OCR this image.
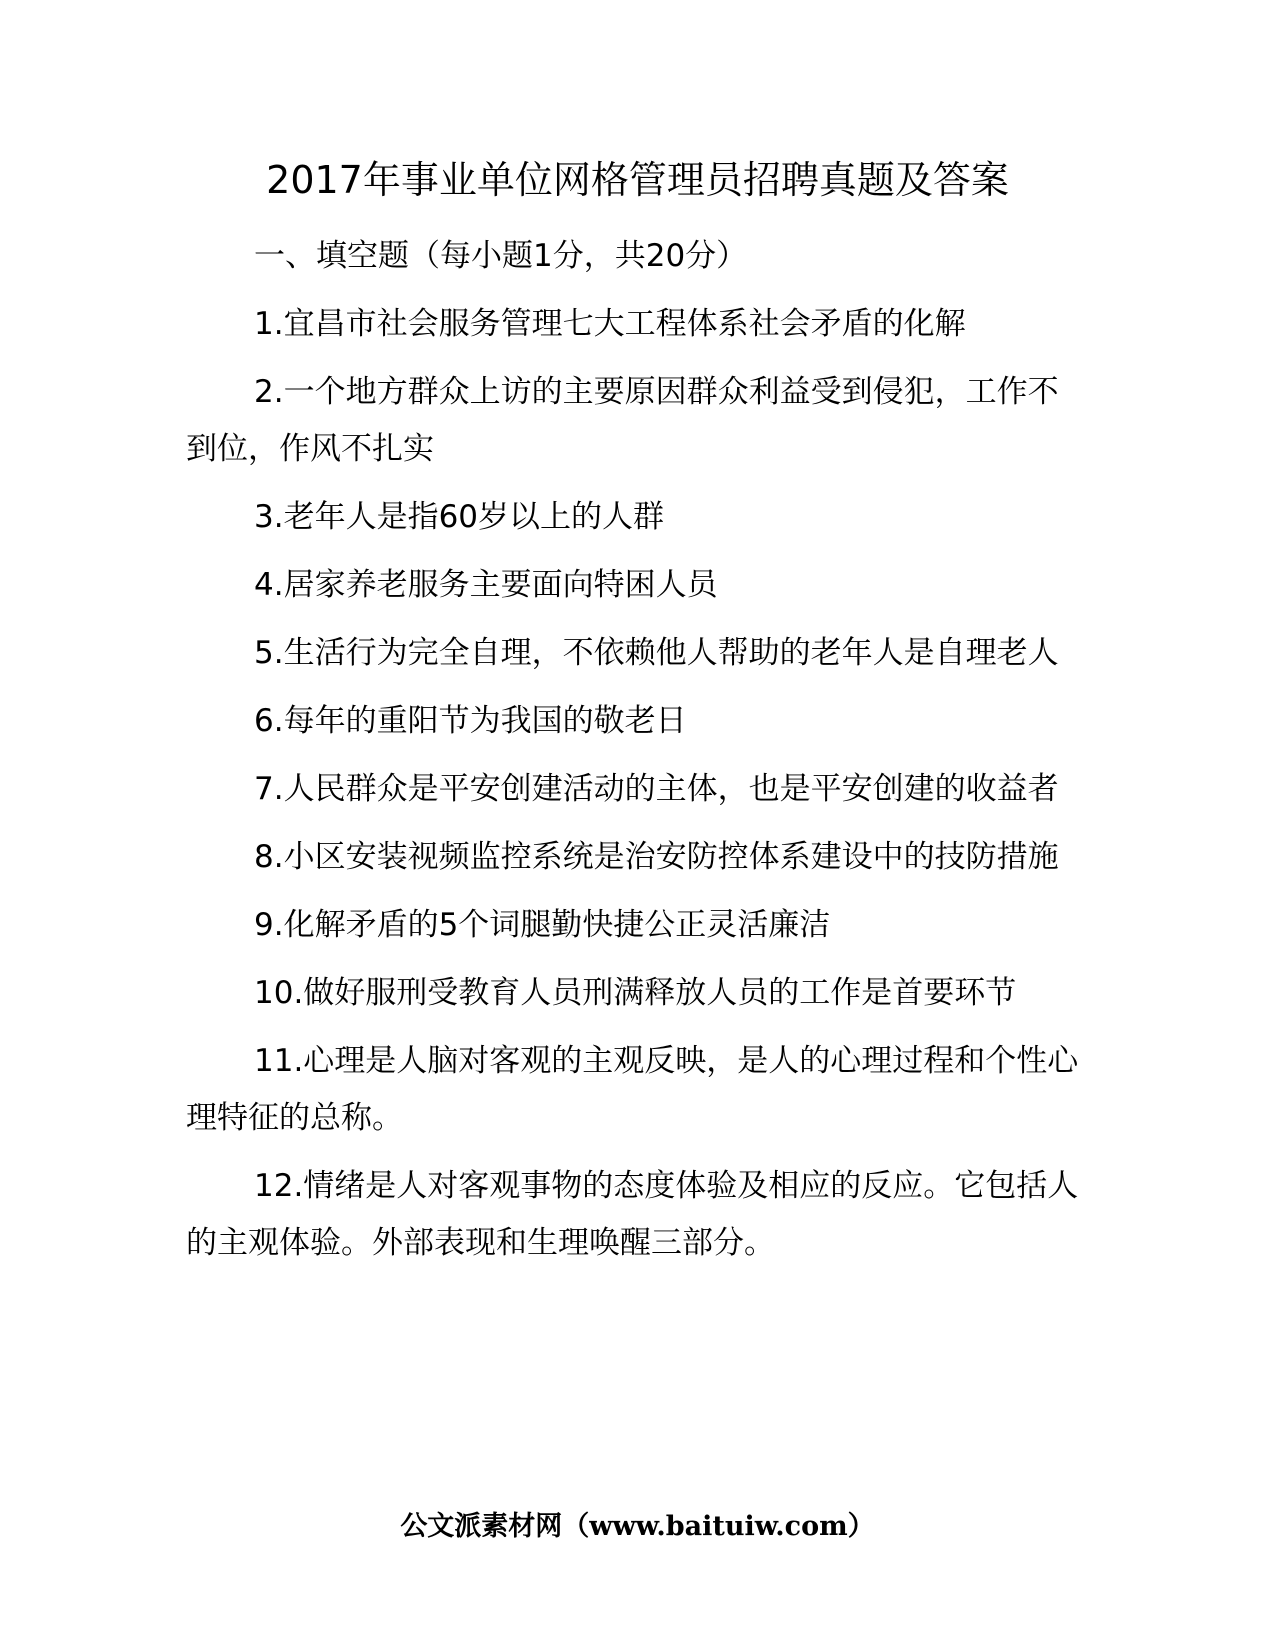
2017年事业单位网格管理员招聘真题及答案

一、填空题（每小题1分，共20分）

1.宜昌市社会服务管理七大工程体系社会矛盾的化解

2.一个地方群众上访的主要原因群众利益受到侵犯，工作不到位，作风不扎实

3.老年人是指60岁以上的人群

4.居家养老服务主要面向特困人员

5.生活行为完全自理，不依赖他人帮助的老年人是自理老人

6.每年的重阳节为我国的敬老日

7.人民群众是平安创建活动的主体，也是平安创建的收益者

8.小区安装视频监控系统是治安防控体系建设中的技防措施

9.化解矛盾的5个词腿勤快捷公正灵活廉洁

10.做好服刑受教育人员刑满释放人员的工作是首要环节

11.心理是人脑对客观的主观反映，是人的心理过程和个性心理特征的总称。

12.情绪是人对客观事物的态度体验及相应的反应。它包括人的主观体验。外部表现和生理唤醒三部分。

公文派素材网（www.baituiw.com）
